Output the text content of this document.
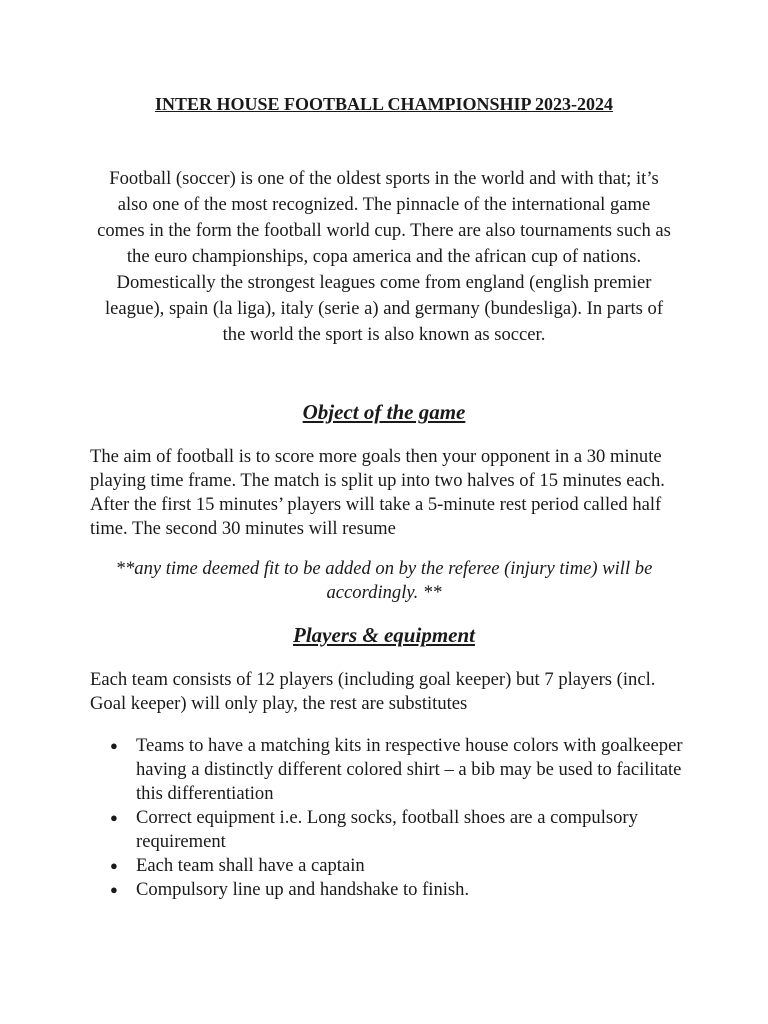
INTER HOUSE FOOTBALL CHAMPIONSHIP 2023-2024
Football (soccer) is one of the oldest sports in the world and with that; it’s also one of the most recognized. The pinnacle of the international game comes in the form the football world cup. There are also tournaments such as the euro championships, copa america and the african cup of nations. Domestically the strongest leagues come from england (english premier league), spain (la liga), italy (serie a) and germany (bundesliga). In parts of the world the sport is also known as soccer.
Object of the game
The aim of football is to score more goals then your opponent in a 30 minute playing time frame. The match is split up into two halves of 15 minutes each. After the first 15 minutes’ players will take a 5-minute rest period called half time. The second 30 minutes will resume
**any time deemed fit to be added on by the referee (injury time) will be accordingly. **
Players & equipment
Each team consists of 12 players (including goal keeper) but 7 players (incl. Goal keeper) will only play, the rest are substitutes
● Teams to have a matching kits in respective house colors with goalkeeper having a distinctly different colored shirt – a bib may be used to facilitate this differentiation
● Correct equipment i.e. Long socks, football shoes are a compulsory requirement
● Each team shall have a captain
● Compulsory line up and handshake to finish.
